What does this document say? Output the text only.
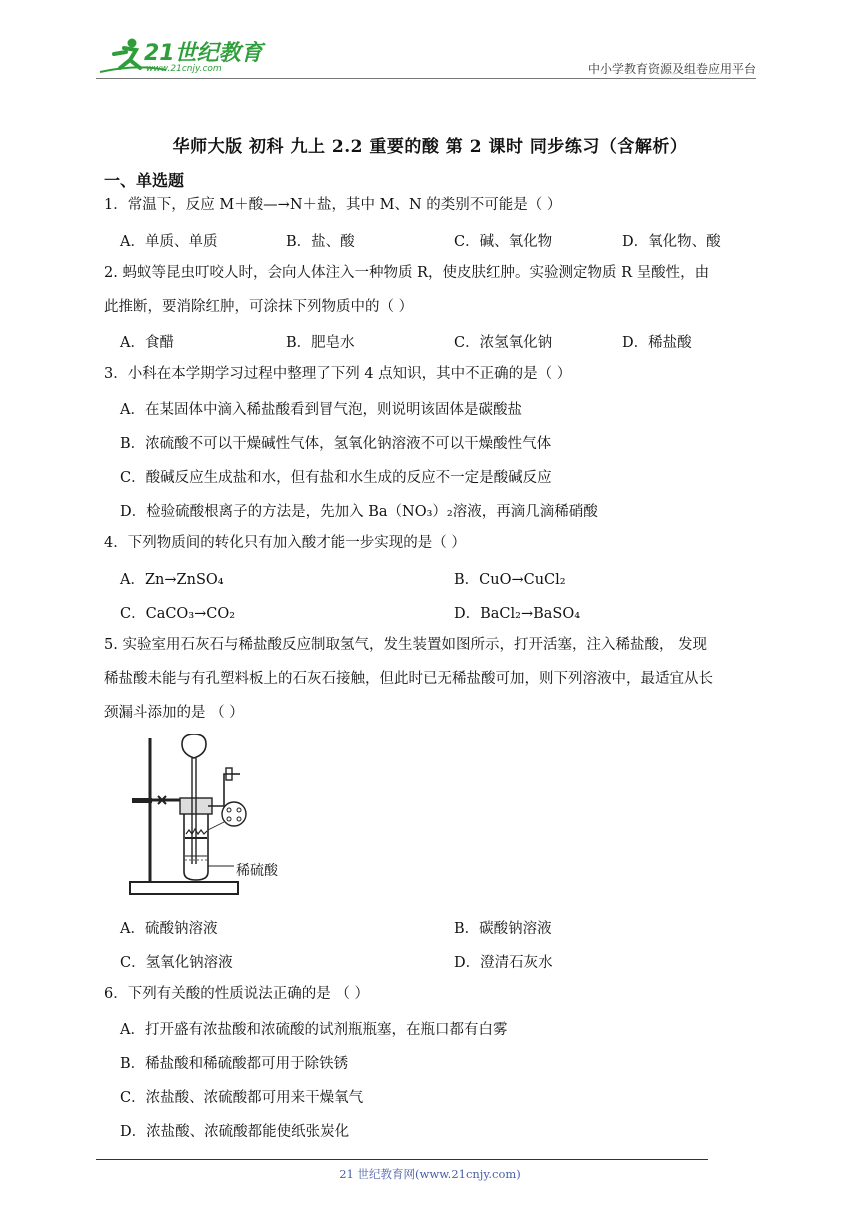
21世纪教育
www.21cnjy.com	中小学教育资源及组卷应用平台
华师大版 初科 九上 2.2 重要的酸 第 2 课时 同步练习（含解析）
一、单选题
1．常温下，反应 M＋酸—→N＋盐，其中 M、N 的类别不可能是（ ）
A．单质、单质	B．盐、酸	C．碱、氧化物	D．氧化物、酸
2. 蚂蚁等昆虫叮咬人时，会向人体注入一种物质 R，使皮肤红肿。实验测定物质 R 呈酸性，由
此推断，要消除红肿，可涂抹下列物质中的（ ）
A．食醋	B．肥皂水	C．浓氢氧化钠	D．稀盐酸
3．小科在本学期学习过程中整理了下列 4 点知识，其中不正确的是（ ）
A．在某固体中滴入稀盐酸看到冒气泡，则说明该固体是碳酸盐
B．浓硫酸不可以干燥碱性气体，氢氧化钠溶液不可以干燥酸性气体
C．酸碱反应生成盐和水，但有盐和水生成的反应不一定是酸碱反应
D．检验硫酸根离子的方法是，先加入 Ba（NO₃）₂溶液，再滴几滴稀硝酸
4．下列物质间的转化只有加入酸才能一步实现的是（ ）
A．Zn→ZnSO₄	B．CuO→CuCl₂
C．CaCO₃→CO₂	D．BaCl₂→BaSO₄
5. 实验室用石灰石与稀盐酸反应制取氢气，发生装置如图所示，打开活塞，注入稀盐酸， 发现
稀盐酸未能与有孔塑料板上的石灰石接触，但此时已无稀盐酸可加，则下列溶液中，最适宜从长
颈漏斗添加的是 （ ）
稀硫酸
A．硫酸钠溶液	B．碳酸钠溶液
C．氢氧化钠溶液	D．澄清石灰水
6．下列有关酸的性质说法正确的是 （ ）
A．打开盛有浓盐酸和浓硫酸的试剂瓶瓶塞，在瓶口都有白雾
B．稀盐酸和稀硫酸都可用于除铁锈
C．浓盐酸、浓硫酸都可用来干燥氧气
D．浓盐酸、浓硫酸都能使纸张炭化
21 世纪教育网(www.21cnjy.com)
